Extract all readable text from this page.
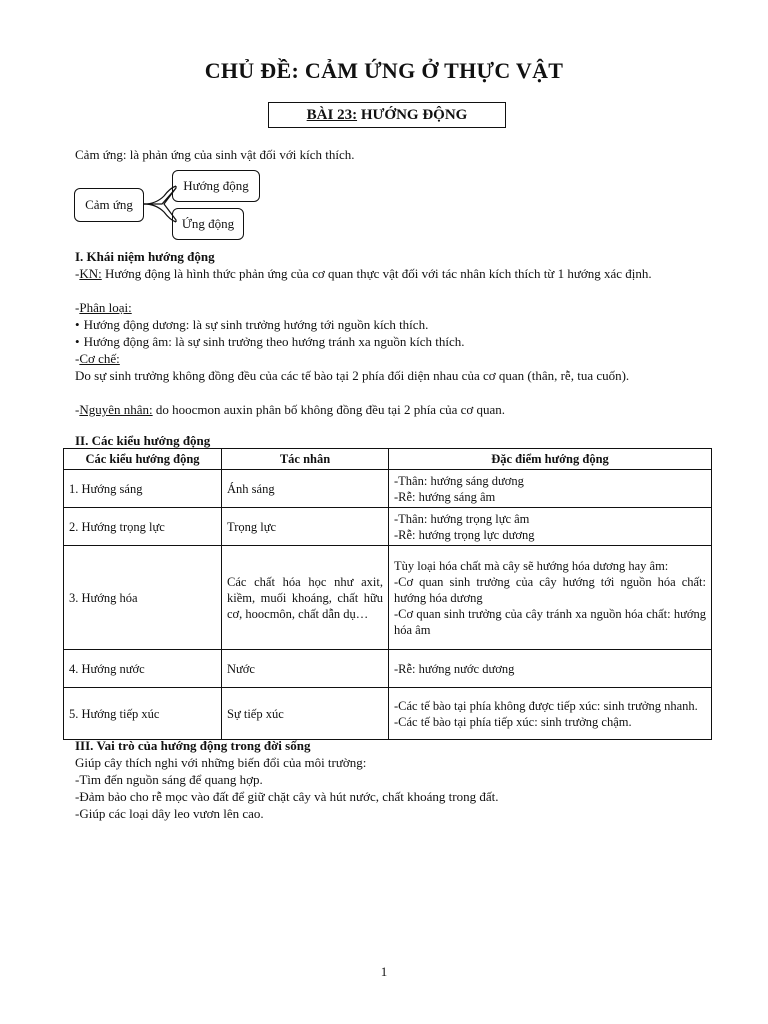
CHỦ ĐỀ: CẢM ỨNG Ở THỰC VẬT
BÀI 23: HƯỚNG ĐỘNG
Cảm ứng: là phản ứng của sinh vật đối với kích thích.
Cảm ứng
Hướng động
Ứng động
I. Khái niệm hướng động
-KN: Hướng động là hình thức phản ứng của cơ quan thực vật đối với tác nhân kích thích từ 1 hướng xác định.
-Phân loại:
• Hướng động dương: là sự sinh trưởng hướng tới nguồn kích thích.
• Hướng động âm: là sự sinh trưởng theo hướng tránh xa nguồn kích thích.
-Cơ chế:
Do sự sinh trưởng không đồng đều của các tế bào tại 2 phía đối diện nhau của cơ quan (thân, rễ, tua cuốn).
-Nguyên nhân: do hoocmon auxin phân bố không đồng đều tại 2 phía của cơ quan.
II. Các kiểu hướng động
Các kiểu hướng động	Tác nhân	Đặc điểm hướng động
1. Hướng sáng	Ánh sáng	-Thân: hướng sáng dương
-Rễ: hướng sáng âm

2. Hướng trọng lực	Trọng lực	-Thân: hướng trọng lực âm
-Rễ: hướng trọng lực dương

3. Hướng hóa	Các chất hóa học như axit, kiềm, muối khoáng, chất hữu cơ, hoocmôn, chất dẫn dụ…	Tùy loại hóa chất mà cây sẽ hướng hóa dương hay âm:
-Cơ quan sinh trưởng của cây hướng tới nguồn hóa chất: hướng hóa dương
-Cơ quan sinh trưởng của cây tránh xa nguồn hóa chất: hướng hóa âm

4. Hướng nước	Nước	-Rễ: hướng nước dương

5. Hướng tiếp xúc	Sự tiếp xúc	-Các tế bào tại phía không được tiếp xúc: sinh trưởng nhanh.
-Các tế bào tại phía tiếp xúc: sinh trưởng chậm.
III. Vai trò của hướng động trong đời sống
Giúp cây thích nghi với những biến đổi của môi trường:
-Tìm đến nguồn sáng để quang hợp.
-Đảm bảo cho rễ mọc vào đất để giữ chặt cây và hút nước, chất khoáng trong đất.
-Giúp các loại dây leo vươn lên cao.
1
